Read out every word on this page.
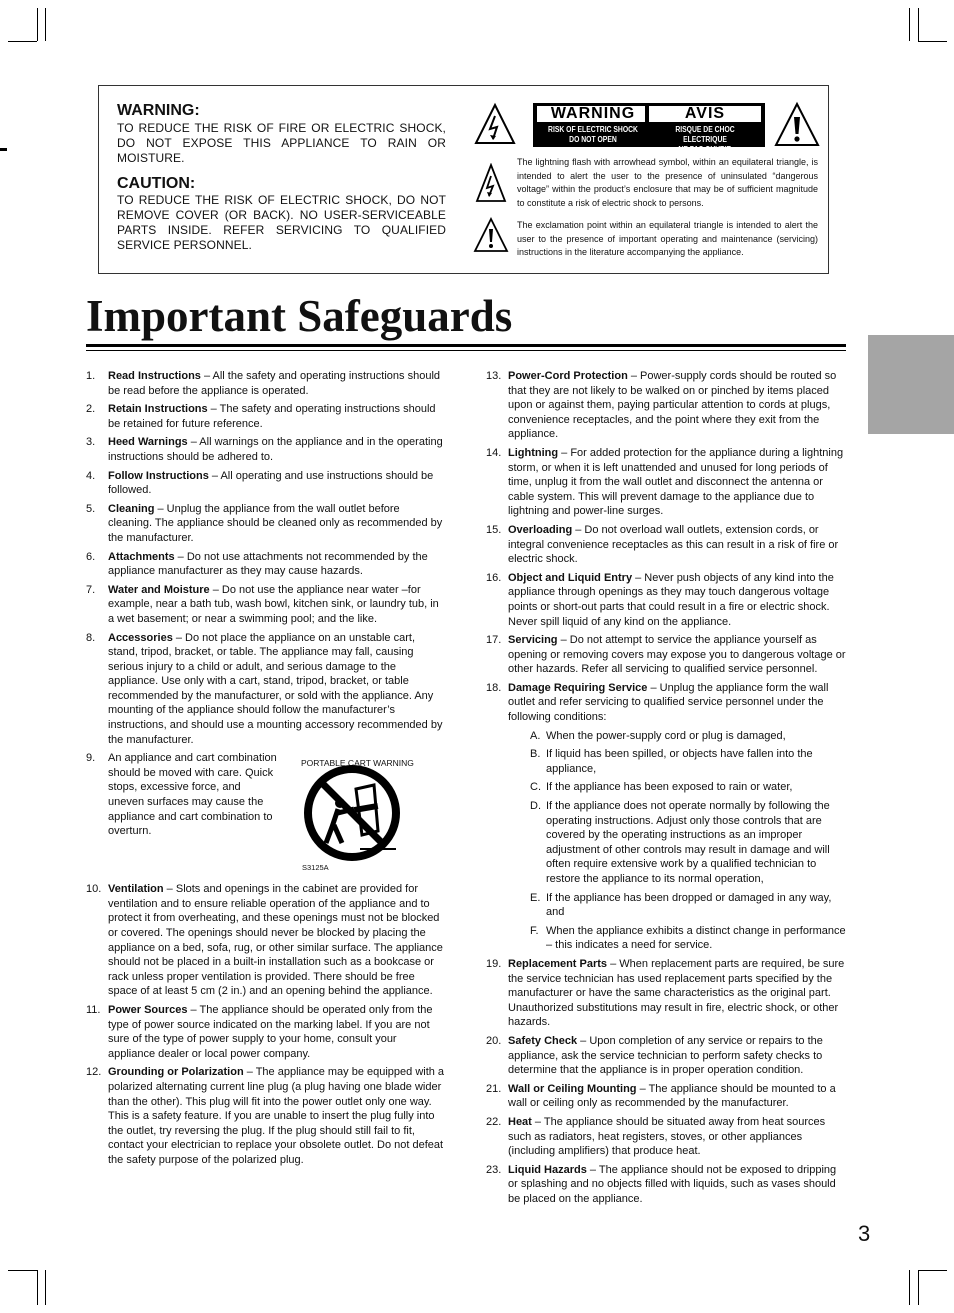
WARNING:

TO REDUCE THE RISK OF FIRE OR ELECTRIC SHOCK, DO NOT EXPOSE THIS APPLIANCE TO RAIN OR MOISTURE.

CAUTION:

TO REDUCE THE RISK OF ELECTRIC SHOCK, DO NOT REMOVE COVER (OR BACK). NO USER-SERVICEABLE PARTS INSIDE. REFER SERVICING TO QUALIFIED SERVICE PERSONNEL.

WARNING
RISK OF ELECTRIC SHOCK
DO NOT OPEN
AVIS
RISQUE DE CHOC ELECTRIQUE
NE PAS OUVRIR

The lightning flash with arrowhead symbol, within an equilateral triangle, is intended to alert the user to the presence of uninsulated “dangerous voltage” within the product’s enclosure that may be of sufficient magnitude to constitute a risk of electric shock to persons.

The exclamation point within an equilateral triangle is intended to alert the user to the presence of important operating and maintenance (servicing) instructions in the literature accompanying the appliance.

Important Safeguards
1. Read Instructions – All the safety and operating instructions should be read before the appliance is operated.
2. Retain Instructions – The safety and operating instructions should be retained for future reference.
3. Heed Warnings – All warnings on the appliance and in the operating instructions should be adhered to.
4. Follow Instructions – All operating and use instructions should be followed.
5. Cleaning – Unplug the appliance from the wall outlet before cleaning. The appliance should be cleaned only as recommended by the manufacturer.
6. Attachments – Do not use attachments not recommended by the appliance manufacturer as they may cause hazards.
7. Water and Moisture – Do not use the appliance near water –for example, near a bath tub, wash bowl, kitchen sink, or laundry tub, in a wet basement; or near a swimming pool; and the like.
8. Accessories – Do not place the appliance on an unstable cart, stand, tripod, bracket, or table. The appliance may fall, causing serious injury to a child or adult, and serious damage to the appliance. Use only with a cart, stand, tripod, bracket, or table recommended by the manufacturer, or sold with the appliance. Any mounting of the appliance should follow the manufacturer’s instructions, and should use a mounting accessory recommended by the manufacturer.
9. An appliance and cart combination should be moved with care. Quick stops, excessive force, and uneven surfaces may cause the appliance and cart combination to overturn.
PORTABLE CART WARNING
S3125A
10. Ventilation – Slots and openings in the cabinet are provided for ventilation and to ensure reliable operation of the appliance and to protect it from overheating, and these openings must not be blocked or covered. The openings should never be blocked by placing the appliance on a bed, sofa, rug, or other similar surface. The appliance should not be placed in a built-in installation such as a bookcase or rack unless proper ventilation is provided. There should be free space of at least 5 cm (2 in.) and an opening behind the appliance.
11. Power Sources – The appliance should be operated only from the type of power source indicated on the marking label. If you are not sure of the type of power supply to your home, consult your appliance dealer or local power company.
12. Grounding or Polarization – The appliance may be equipped with a polarized alternating current line plug (a plug having one blade wider than the other). This plug will fit into the power outlet only one way. This is a safety feature. If you are unable to insert the plug fully into the outlet, try reversing the plug. If the plug should still fail to fit, contact your electrician to replace your obsolete outlet. Do not defeat the safety purpose of the polarized plug.
13. Power-Cord Protection – Power-supply cords should be routed so that they are not likely to be walked on or pinched by items placed upon or against them, paying particular attention to cords at plugs, convenience receptacles, and the point where they exit from the appliance.
14. Lightning – For added protection for the appliance during a lightning storm, or when it is left unattended and unused for long periods of time, unplug it from the wall outlet and disconnect the antenna or cable system. This will prevent damage to the appliance due to lightning and power-line surges.
15. Overloading – Do not overload wall outlets, extension cords, or integral convenience receptacles as this can result in a risk of fire or electric shock.
16. Object and Liquid Entry – Never push objects of any kind into the appliance through openings as they may touch dangerous voltage points or short-out parts that could result in a fire or electric shock. Never spill liquid of any kind on the appliance.
17. Servicing – Do not attempt to service the appliance yourself as opening or removing covers may expose you to dangerous voltage or other hazards. Refer all servicing to qualified service personnel.
18. Damage Requiring Service – Unplug the appliance form the wall outlet and refer servicing to qualified service personnel under the following conditions:
A. When the power-supply cord or plug is damaged,
B. If liquid has been spilled, or objects have fallen into the appliance,
C. If the appliance has been exposed to rain or water,
D. If the appliance does not operate normally by following the operating instructions. Adjust only those controls that are covered by the operating instructions as an improper adjustment of other controls may result in damage and will often require extensive work by a qualified technician to restore the appliance to its normal operation,
E. If the appliance has been dropped or damaged in any way, and
F. When the appliance exhibits a distinct change in performance – this indicates a need for service.
19. Replacement Parts – When replacement parts are required, be sure the service technician has used replacement parts specified by the manufacturer or have the same characteristics as the original part. Unauthorized substitutions may result in fire, electric shock, or other hazards.
20. Safety Check – Upon completion of any service or repairs to the appliance, ask the service technician to perform safety checks to determine that the appliance is in proper operation condition.
21. Wall or Ceiling Mounting – The appliance should be mounted to a wall or ceiling only as recommended by the manufacturer.
22. Heat – The appliance should be situated away from heat sources such as radiators, heat registers, stoves, or other appliances (including amplifiers) that produce heat.
23. Liquid Hazards – The appliance should not be exposed to dripping or splashing and no objects filled with liquids, such as vases should be placed on the appliance.

3
